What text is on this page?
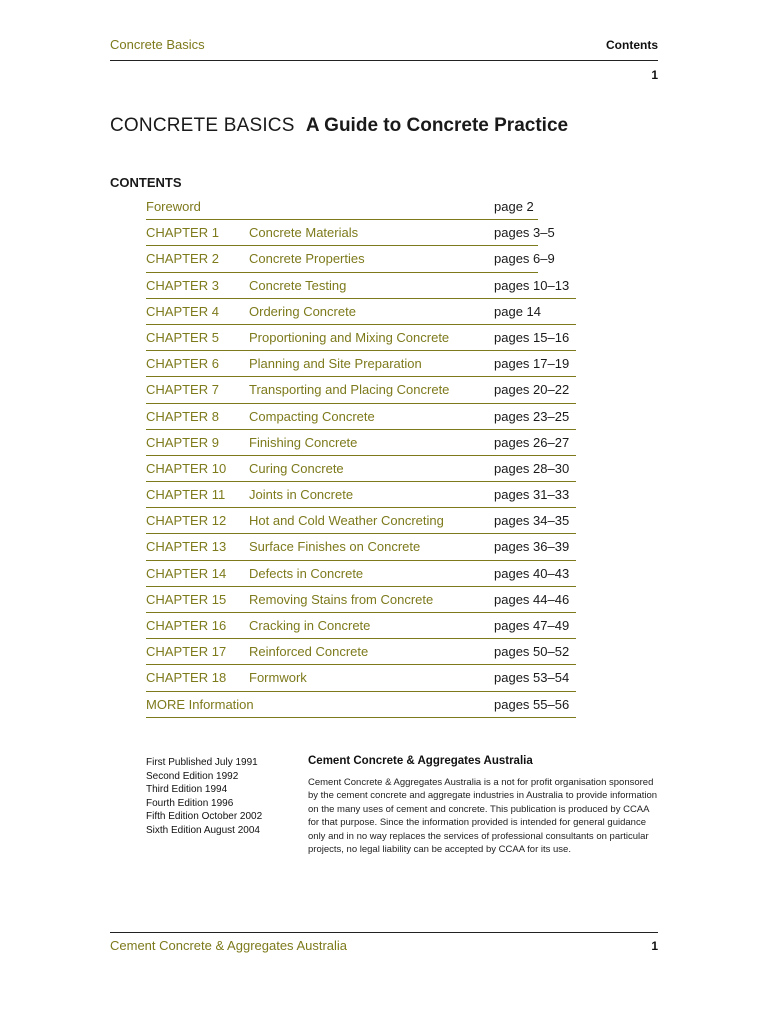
Concrete Basics	Contents
1
CONCRETE BASICS A Guide to Concrete Practice
CONTENTS
Foreword	page 2
CHAPTER 1 Concrete Materials	pages 3–5
CHAPTER 2 Concrete Properties	pages 6–9
CHAPTER 3 Concrete Testing	pages 10–13
CHAPTER 4 Ordering Concrete	page 14
CHAPTER 5 Proportioning and Mixing Concrete	pages 15–16
CHAPTER 6 Planning and Site Preparation	pages 17–19
CHAPTER 7 Transporting and Placing Concrete	pages 20–22
CHAPTER 8 Compacting Concrete	pages 23–25
CHAPTER 9 Finishing Concrete	pages 26–27
CHAPTER 10 Curing Concrete	pages 28–30
CHAPTER 11 Joints in Concrete	pages 31–33
CHAPTER 12 Hot and Cold Weather Concreting	pages 34–35
CHAPTER 13 Surface Finishes on Concrete	pages 36–39
CHAPTER 14 Defects in Concrete	pages 40–43
CHAPTER 15 Removing Stains from Concrete	pages 44–46
CHAPTER 16 Cracking in Concrete	pages 47–49
CHAPTER 17 Reinforced Concrete	pages 50–52
CHAPTER 18 Formwork	pages 53–54
MORE Information	pages 55–56
First Published July 1991
Second Edition 1992
Third Edition 1994
Fourth Edition 1996
Fifth Edition October 2002
Sixth Edition August 2004
Cement Concrete & Aggregates Australia
Cement Concrete & Aggregates Australia is a not for profit organisation sponsored by the cement concrete and aggregate industries in Australia to provide information on the many uses of cement and concrete. This publication is produced by CCAA for that purpose. Since the information provided is intended for general guidance only and in no way replaces the services of professional consultants on particular projects, no legal liability can be accepted by CCAA for its use.
Cement Concrete & Aggregates Australia	1
